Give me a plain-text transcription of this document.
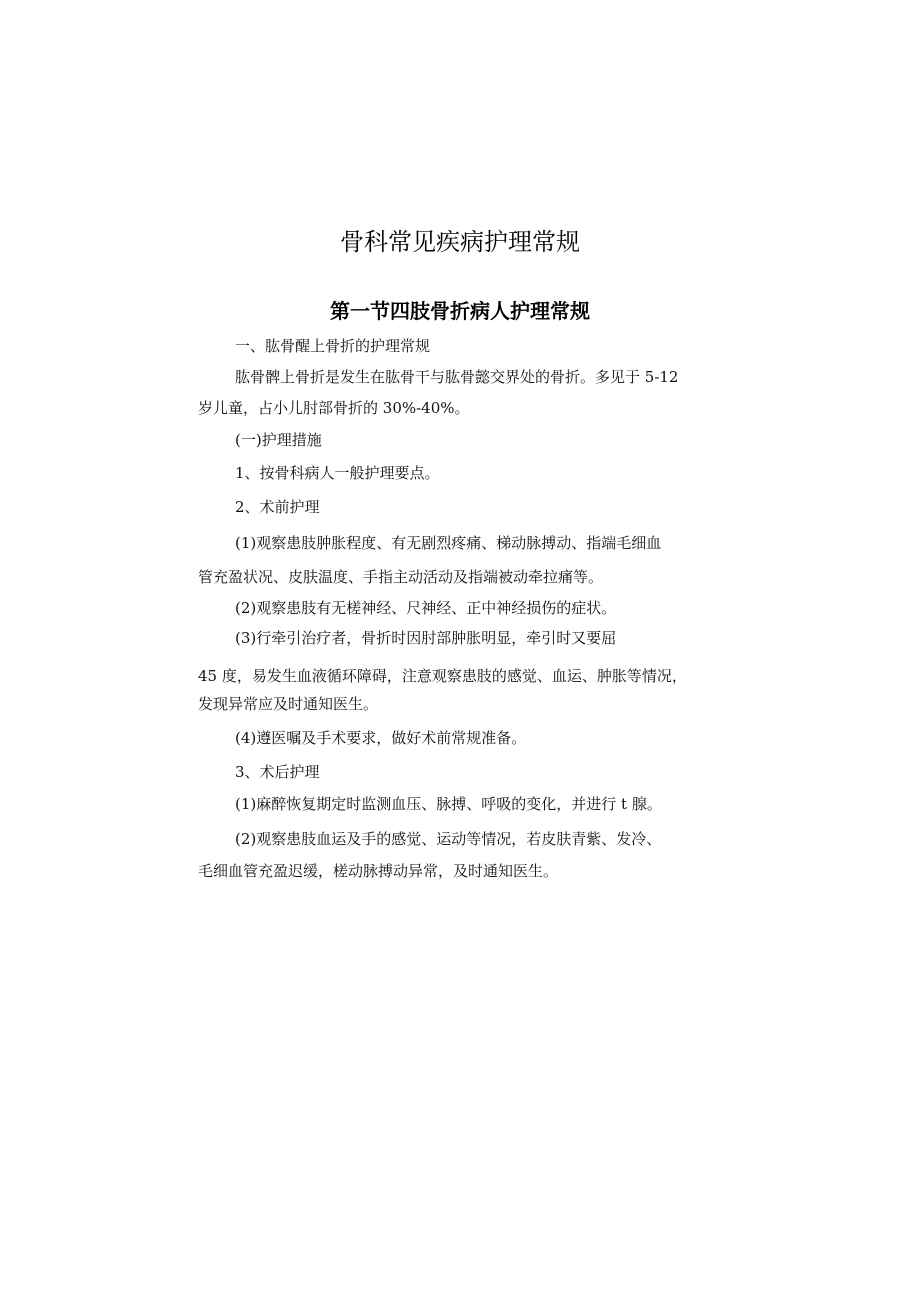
骨科常见疾病护理常规
第一节四肢骨折病人护理常规

一、肱骨醒上骨折的护理常规

肱骨髀上骨折是发生在肱骨干与肱骨懿交界处的骨折。多见于 5-12

岁儿童，占小儿肘部骨折的 30%-40%。

(一)护理措施

1、按骨科病人一般护理要点。

2、术前护理

(1)观察患肢肿胀程度、有无剧烈疼痛、梯动脉搏动、指端毛细血

管充盈状况、皮肤温度、手指主动活动及指端被动牵拉痛等。

(2)观察患肢有无槎神经、尺神经、正中神经损伤的症状。

(3)行牵引治疗者，骨折时因肘部肿胀明显，牵引时又要屈

45 度，易发生血液循环障碍，注意观察患肢的感觉、血运、肿胀等情况，

发现异常应及时通知医生。

(4)遵医嘱及手术要求，做好术前常规准备。

3、术后护理

(1)麻醉恢复期定时监测血压、脉搏、呼吸的变化，并进行 t 腺。

(2)观察患肢血运及手的感觉、运动等情况，若皮肤青紫、发冷、

毛细血管充盈迟缓，槎动脉搏动异常，及时通知医生。
